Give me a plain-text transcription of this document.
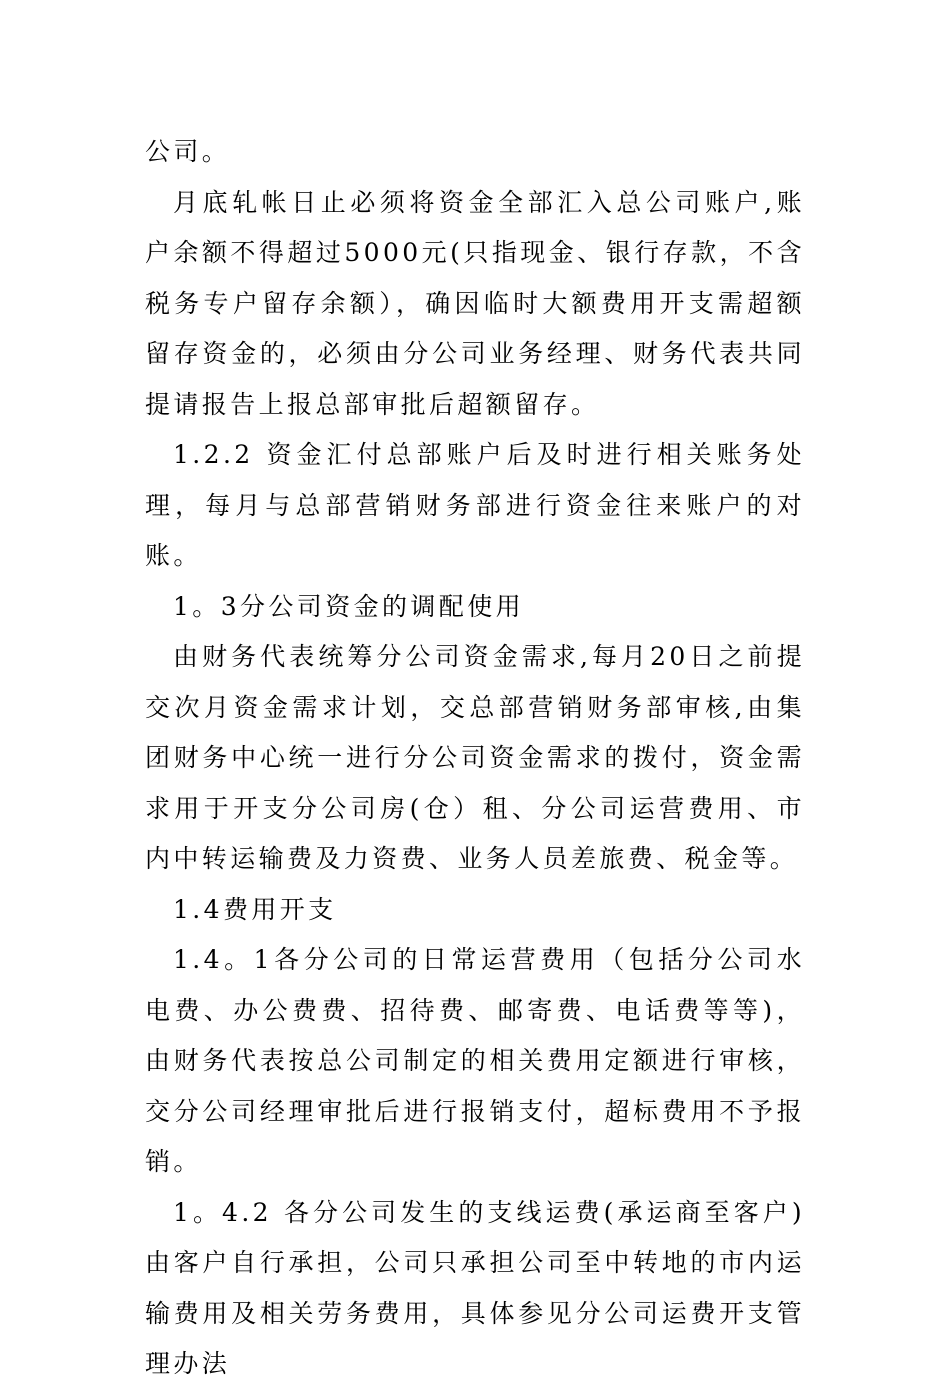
公司。

月底轧帐日止必须将资金全部汇入总公司账户,账户余额不得超过5000元(只指现金、银行存款，不含税务专户留存余额），确因临时大额费用开支需超额留存资金的，必须由分公司业务经理、财务代表共同提请报告上报总部审批后超额留存。

1.2.2 资金汇付总部账户后及时进行相关账务处理，每月与总部营销财务部进行资金往来账户的对账。

1。3分公司资金的调配使用

由财务代表统筹分公司资金需求,每月20日之前提交次月资金需求计划，交总部营销财务部审核,由集团财务中心统一进行分公司资金需求的拨付，资金需求用于开支分公司房(仓）租、分公司运营费用、市内中转运输费及力资费、业务人员差旅费、税金等。

1.4费用开支

1.4。1各分公司的日常运营费用（包括分公司水电费、办公费费、招待费、邮寄费、电话费等等)，由财务代表按总公司制定的相关费用定额进行审核，交分公司经理审批后进行报销支付，超标费用不予报销。

1。4.2 各分公司发生的支线运费(承运商至客户)由客户自行承担，公司只承担公司至中转地的市内运输费用及相关劳务费用，具体参见分公司运费开支管理办法
